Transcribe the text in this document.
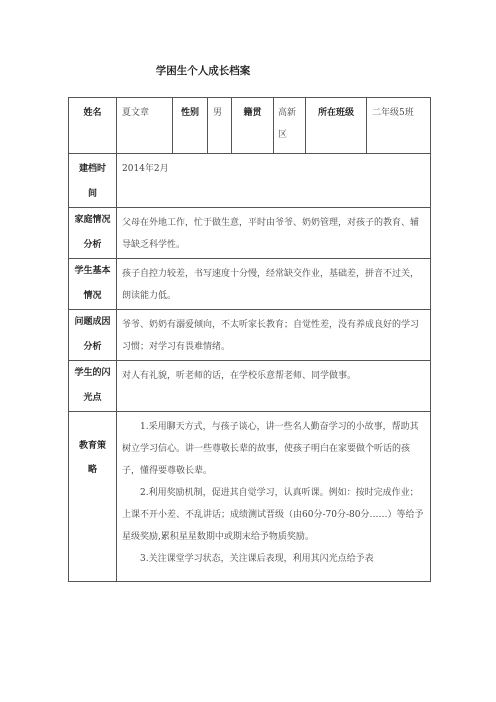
学困生个人成长档案
姓名	夏文章	性别	男	籍贯	高新区	所在班级	二年级5班
建档时间	2014年2月						
家庭情况分析	父母在外地工作，忙于做生意，平时由爷爷、奶奶管理，对孩子的教育、辅导缺乏科学性。						
学生基本情况	孩子自控力较差，书写速度十分慢，经常缺交作业，基础差，拼音不过关，朗读能力低。						
问题成因分析	爷爷、奶奶有溺爱倾向，不太听家长教育；自觉性差，没有养成良好的学习习惯；对学习有畏难情绪。						
学生的闪光点	对人有礼貌，听老师的话，在学校乐意帮老师、同学做事。						
教育策略	1.采用聊天方式，与孩子谈心，讲一些名人勤奋学习的小故事，帮助其树立学习信心。讲一些尊敬长辈的故事，使孩子明白在家要做个听话的孩子，懂得要尊敬长辈。
2.利用奖励机制，促进其自觉学习，认真听课。例如：按时完成作业；上课不开小差、不乱讲话；成绩测试晋级（由60分-70分-80分……）等给予星级奖励,累积星星数期中或期末给予物质奖励。
3.关注课堂学习状态，关注课后表现，利用其闪光点给予表						
